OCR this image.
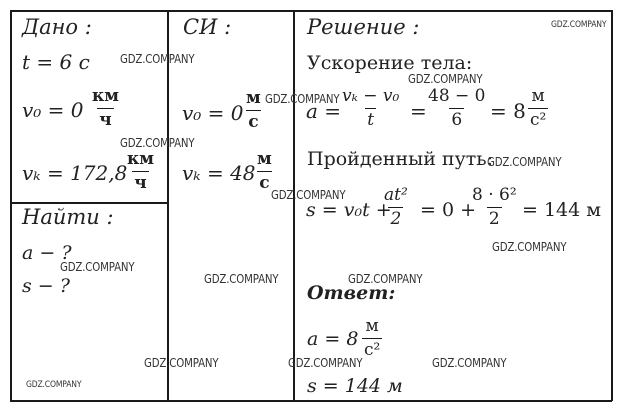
Дано :	СИ :	Решение :
Найти :
t = 6 c
v₀ = 0
км
ч
vₖ = 172,8
км
ч
a − ?
s − ?
v₀ = 0
м
c
vₖ = 48
м
c
Ускорение тела:
a =
$\frac{\text{vₖ − v₀}}{t} = \frac{48 - 0}{6} = 8$
м
c²
Пройденный путь:
s = v₀t +
$\frac{\text{at²}}{2} = 0$ +
$\frac{\text{8 · 6²}}{2} = 144$ м
Ответ:
a = 8
м
c²
s = 144 м
GDZ.COMPANY
GDZ.COMPANY
GDZ.COMPANY
GDZ.COMPANY
GDZ.COMPANY
GDZ.COMPANY
GDZ.COMPANY
GDZ.COMPANY
GDZ.COMPANY
GDZ.COMPANY	GDZ.COMPANY
GDZ.COMPANY	GDZ.COMPANY	GDZ.COMPANY
GDZ.COMPANY
